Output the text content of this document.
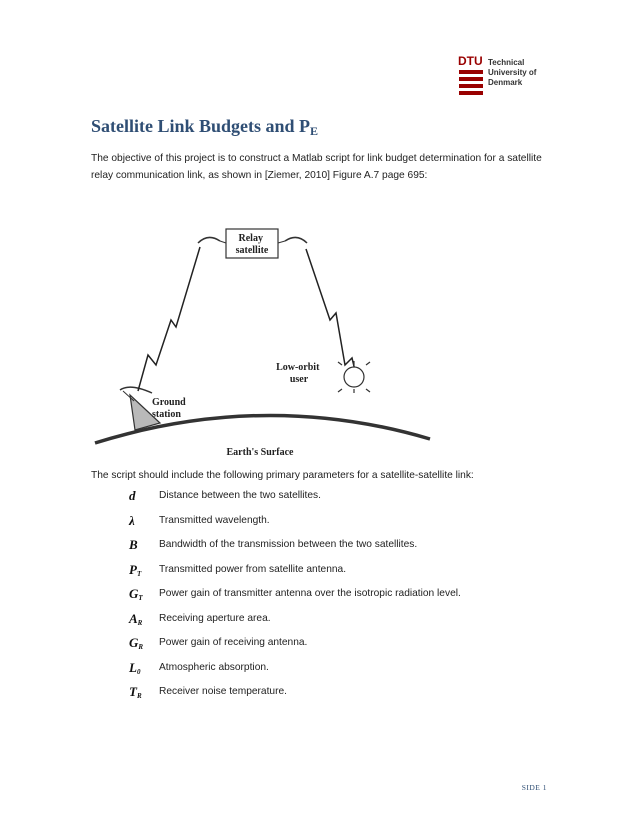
DTU Technical
University of
Denmark
Satellite Link Budgets and $P_E$

The objective of this project is to construct a Matlab script for link budget determination for a satellite relay communication link, as shown in [Ziemer, 2010] Figure A.7 page 695:

Relay satellite
Low-orbit user
Ground station
Earth's Surface
The script should include the following primary parameters for a satellite-satellite link:
d Distance between the two satellites.
λ Transmitted wavelength.
B Bandwidth of the transmission between the two satellites.
$P_T$ Transmitted power from satellite antenna.
$G_T$ Power gain of transmitter antenna over the isotropic radiation level.
$A_R$ Receiving aperture area.
$G_R$ Power gain of receiving antenna.
$L_0$ Atmospheric absorption.
$T_R$ Receiver noise temperature.
SIDE 1
